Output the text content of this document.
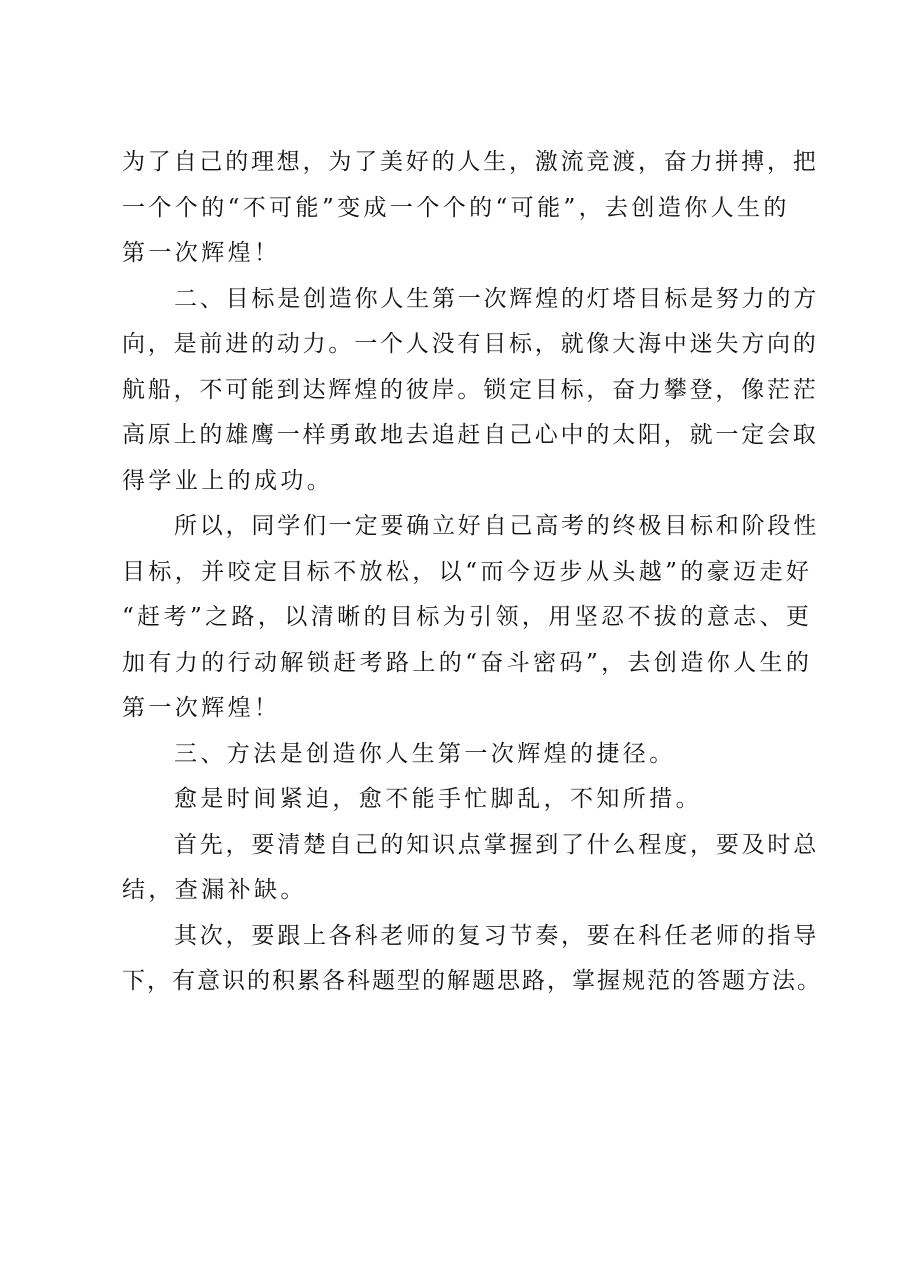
为了自己的理想，为了美好的人生，激流竞渡，奋力拼搏，把
一个个的“不可能”变成一个个的“可能”，去创造你人生的
第一次辉煌！
二、目标是创造你人生第一次辉煌的灯塔目标是努力的方
向，是前进的动力。一个人没有目标，就像大海中迷失方向的
航船，不可能到达辉煌的彼岸。锁定目标，奋力攀登，像茫茫
高原上的雄鹰一样勇敢地去追赶自己心中的太阳，就一定会取
得学业上的成功。
所以，同学们一定要确立好自己高考的终极目标和阶段性
目标，并咬定目标不放松，以“而今迈步从头越”的豪迈走好
“赶考”之路，以清晰的目标为引领，用坚忍不拔的意志、更
加有力的行动解锁赶考路上的“奋斗密码”，去创造你人生的
第一次辉煌！
三、方法是创造你人生第一次辉煌的捷径。
愈是时间紧迫，愈不能手忙脚乱，不知所措。
首先，要清楚自己的知识点掌握到了什么程度，要及时总
结，查漏补缺。
其次，要跟上各科老师的复习节奏，要在科任老师的指导
下，有意识的积累各科题型的解题思路，掌握规范的答题方法。
